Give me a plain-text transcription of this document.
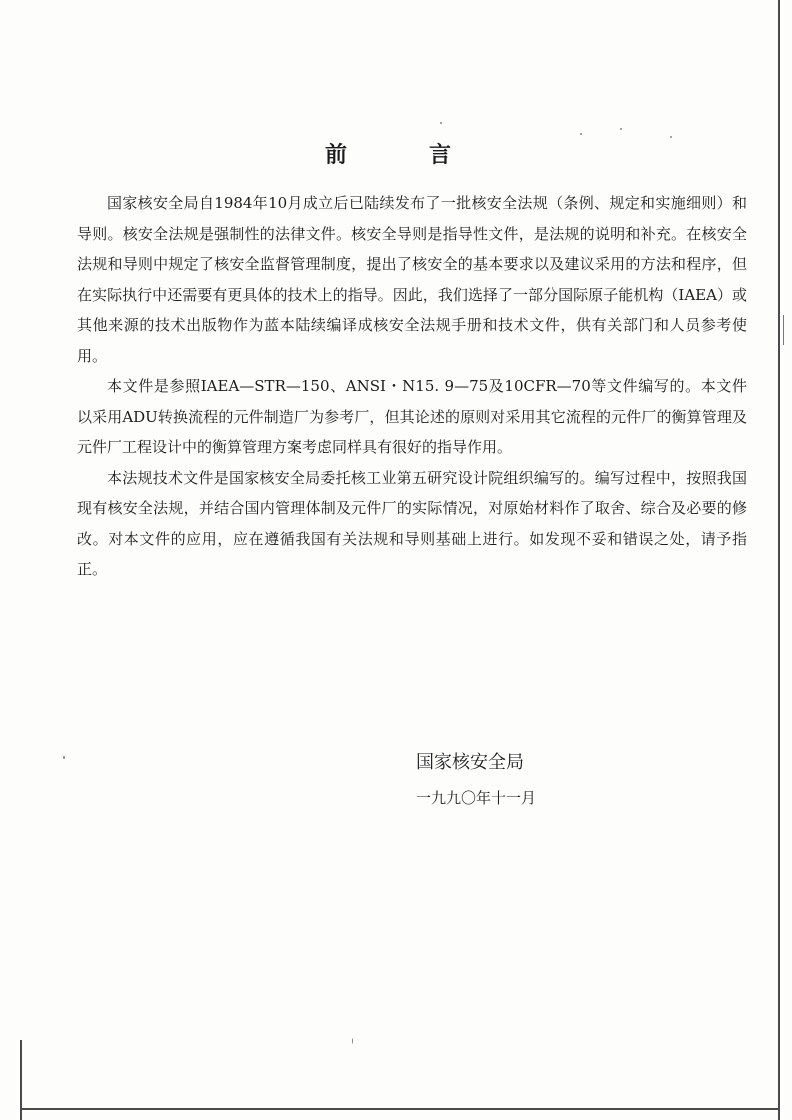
前　言

国家核安全局自1984年10月成立后已陆续发布了一批核安全法规（条例、规定和实施细则）和导则。核安全法规是强制性的法律文件。核安全导则是指导性文件，是法规的说明和补充。在核安全法规和导则中规定了核安全监督管理制度，提出了核安全的基本要求以及建议采用的方法和程序，但在实际执行中还需要有更具体的技术上的指导。因此，我们选择了一部分国际原子能机构（IAEA）或其他来源的技术出版物作为蓝本陆续编译成核安全法规手册和技术文件，供有关部门和人员参考使用。

本文件是参照IAEA—STR—150、ANSI・N15. 9—75及10CFR—70等文件编写的。本文件以采用ADU转换流程的元件制造厂为参考厂，但其论述的原则对采用其它流程的元件厂的衡算管理及元件厂工程设计中的衡算管理方案考虑同样具有很好的指导作用。

本法规技术文件是国家核安全局委托核工业第五研究设计院组织编写的。编写过程中，按照我国现有核安全法规，并结合国内管理体制及元件厂的实际情况，对原始材料作了取舍、综合及必要的修改。对本文件的应用，应在遵循我国有关法规和导则基础上进行。如发现不妥和错误之处，请予指正。

国家核安全局
一九九〇年十一月
